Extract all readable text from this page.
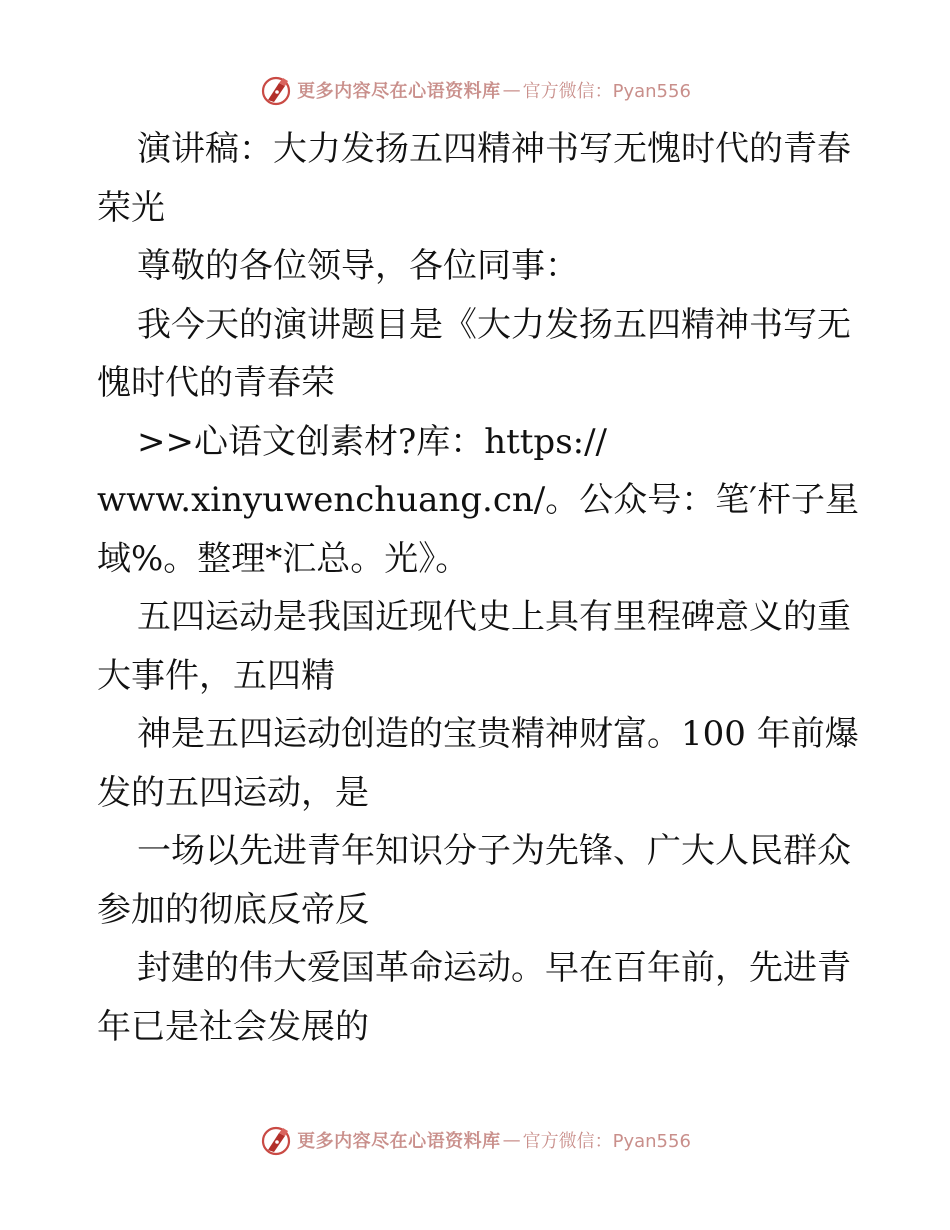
更多内容尽在心语资料库 — 官方微信：Pyan556
演讲稿：大力发扬五四精神书写无愧时代的青春
荣光
尊敬的各位领导，各位同事：
我今天的演讲题目是《大力发扬五四精神书写无
愧时代的青春荣
>>心语文创素材?库：https://
www.xinyuwenchuang.cn/。公众号：笔′杆子星
域%。整理*汇总。光》。
五四运动是我国近现代史上具有里程碑意义的重
大事件，五四精
神是五四运动创造的宝贵精神财富。100 年前爆
发的五四运动，是
一场以先进青年知识分子为先锋、广大人民群众
参加的彻底反帝反
封建的伟大爱国革命运动。早在百年前，先进青
年已是社会发展的
更多内容尽在心语资料库 — 官方微信：Pyan556
